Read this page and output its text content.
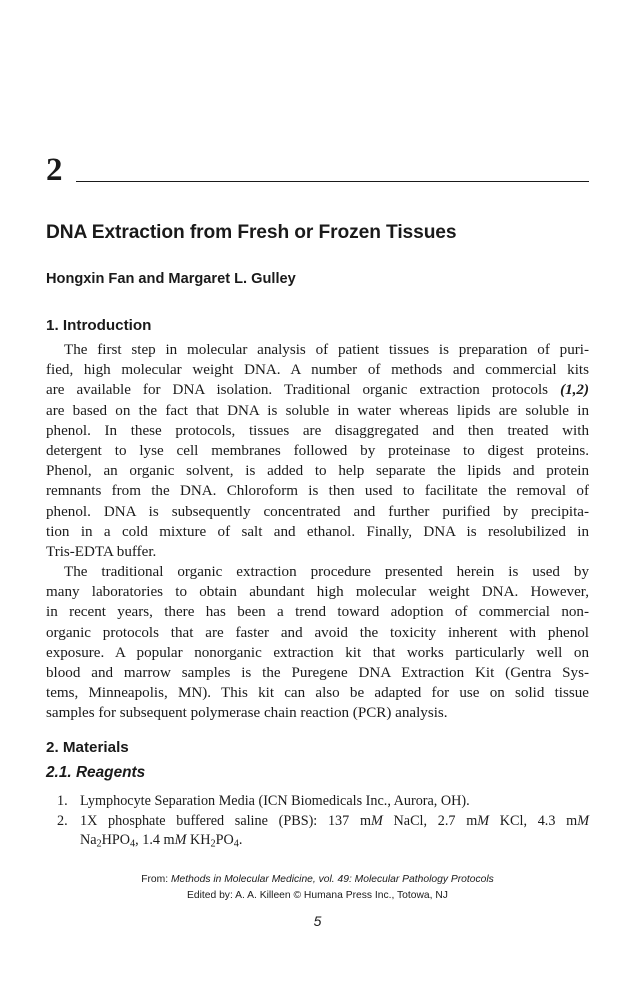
2
DNA Extraction from Fresh or Frozen Tissues
Hongxin Fan and Margaret L. Gulley
1. Introduction
The first step in molecular analysis of patient tissues is preparation of puri-
fied, high molecular weight DNA. A number of methods and commercial kits
are available for DNA isolation. Traditional organic extraction protocols (1,2)
are based on the fact that DNA is soluble in water whereas lipids are soluble in
phenol. In these protocols, tissues are disaggregated and then treated with
detergent to lyse cell membranes followed by proteinase to digest proteins.
Phenol, an organic solvent, is added to help separate the lipids and protein
remnants from the DNA. Chloroform is then used to facilitate the removal of
phenol. DNA is subsequently concentrated and further purified by precipita-
tion in a cold mixture of salt and ethanol. Finally, DNA is resolubilized in
Tris-EDTA buffer.
The traditional organic extraction procedure presented herein is used by
many laboratories to obtain abundant high molecular weight DNA. However,
in recent years, there has been a trend toward adoption of commercial non-
organic protocols that are faster and avoid the toxicity inherent with phenol
exposure. A popular nonorganic extraction kit that works particularly well on
blood and marrow samples is the Puregene DNA Extraction Kit (Gentra Sys-
tems, Minneapolis, MN). This kit can also be adapted for use on solid tissue
samples for subsequent polymerase chain reaction (PCR) analysis.
2. Materials
2.1. Reagents
1. Lymphocyte Separation Media (ICN Biomedicals Inc., Aurora, OH).
2. 1X phosphate buffered saline (PBS): 137 mM NaCl, 2.7 mM KCl, 4.3 mM
$Na_2HPO_4$, 1.4 mM $KH_2PO_4$.
From: Methods in Molecular Medicine, vol. 49: Molecular Pathology Protocols
Edited by: A. A. Killeen © Humana Press Inc., Totowa, NJ
5
